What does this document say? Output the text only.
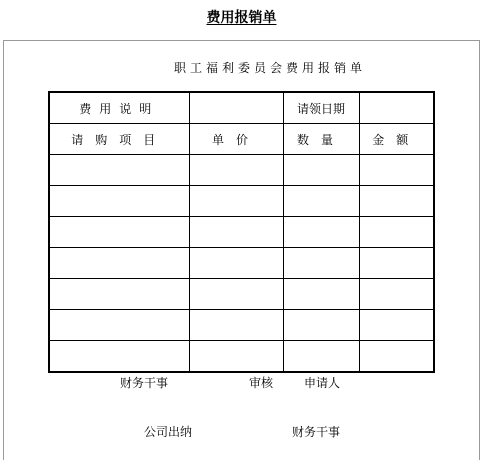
费用报销单
职工福利委员会费用报销单
费用说明		请领日期	
请购项目	单价	数量	金额

财务干事	审核	申请人
公司出纳	财务干事
